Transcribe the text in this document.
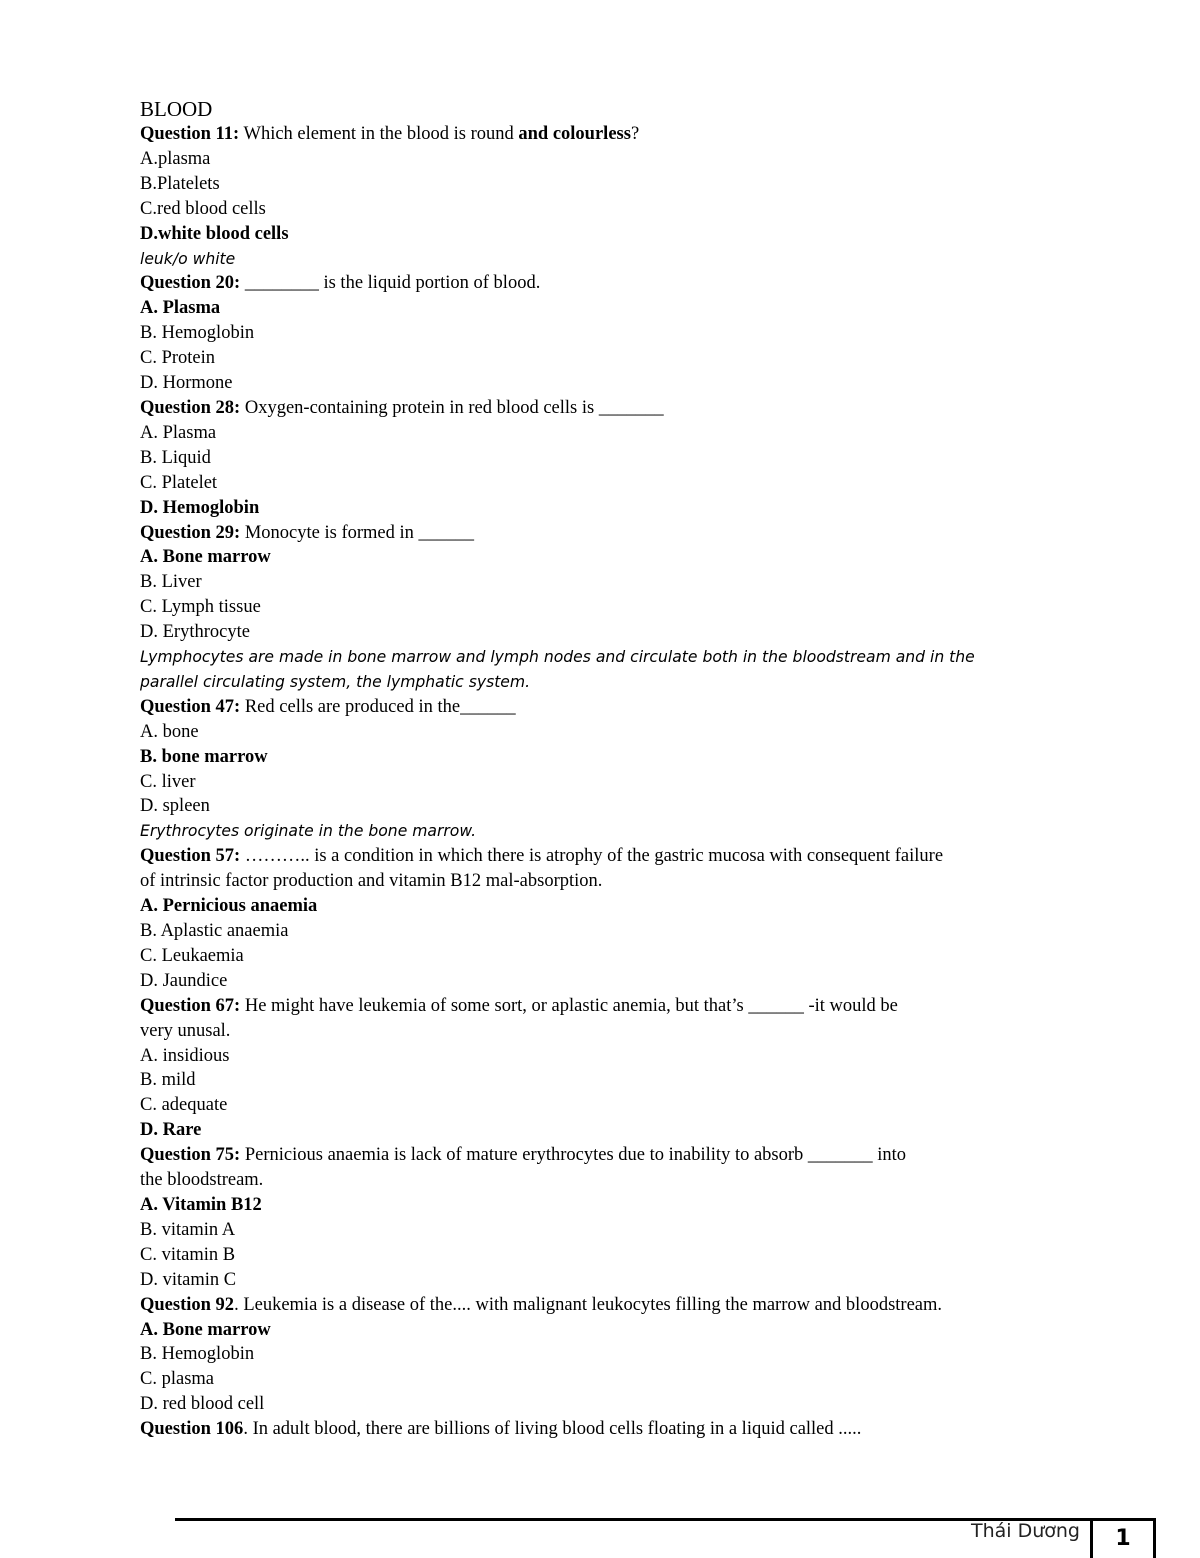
BLOOD
Question 11: Which element in the blood is round and colourless?
A.plasma
B.Platelets
C.red blood cells
D.white blood cells
leuk/o white
Question 20: ________ is the liquid portion of blood.
A. Plasma
B. Hemoglobin
C. Protein
D. Hormone
Question 28: Oxygen-containing protein in red blood cells is _______
A. Plasma
B. Liquid
C. Platelet
D. Hemoglobin
Question 29: Monocyte is formed in ______
A. Bone marrow
B. Liver
C. Lymph tissue
D. Erythrocyte
Lymphocytes are made in bone marrow and lymph nodes and circulate both in the bloodstream and in the
parallel circulating system, the lymphatic system.
Question 47: Red cells are produced in the______
A. bone
B. bone marrow
C. liver
D. spleen
Erythrocytes originate in the bone marrow.
Question 57: ……….. is a condition in which there is atrophy of the gastric mucosa with consequent failure
of intrinsic factor production and vitamin B12 mal-absorption.
A. Pernicious anaemia
B. Aplastic anaemia
C. Leukaemia
D. Jaundice
Question 67: He might have leukemia of some sort, or aplastic anemia, but that’s ______ -it would be
very unusal.
A. insidious
B. mild
C. adequate
D. Rare
Question 75: Pernicious anaemia is lack of mature erythrocytes due to inability to absorb _______ into
the bloodstream.
A. Vitamin B12
B. vitamin A
C. vitamin B
D. vitamin C
Question 92. Leukemia is a disease of the.... with malignant leukocytes filling the marrow and bloodstream.
A. Bone marrow
B. Hemoglobin
C. plasma
D. red blood cell
Question 106. In adult blood, there are billions of living blood cells floating in a liquid called .....
Thái Dương	1
